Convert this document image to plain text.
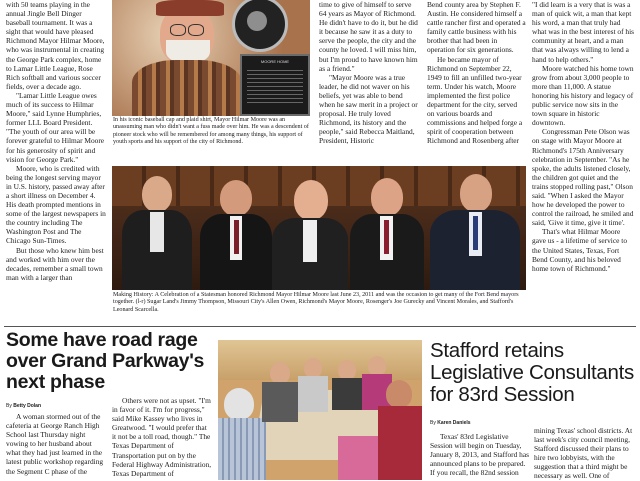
with 50 teams playing in the annual Jingle Bell Dinger baseball tournament. It was a sight that would have pleased Richmond Mayor Hilmar Moore, who was instrumental in creating the George Park complex, home to Lamar Little League, Rose Rich softball and various soccer fields, over a decade ago.

"Lamar Little League owes much of its success to Hilmar Moore," said Lynne Humphries, former LLL Board President. "The youth of our area will be forever grateful to Hilmar Moore for his generosity of spirit and vision for George Park."

Moore, who is credited with being the longest serving mayor in U.S. history, passed away after a short illness on December 4. His death prompted mentions in some of the largest newspapers in the country including The Washington Post and The Chicago Sun-Times.

But those who knew him best and worked with him over the decades, remember a small town man with a larger than

MOORE HOME

In his iconic baseball cap and plaid shirt, Mayor Hilmar Moore was an unassuming man who didn't want a fuss made over him. He was a descendent of pioneer stock who will be remembered for among many things, his support of youth sports and his support of the city of Richmond.

time to give of himself to serve 64 years as Mayor of Richmond. He didn't have to do it, but he did it because he saw it as a duty to serve the people, the city and the county he loved. I will miss him, but I'm proud to have known him as a friend."

"Mayor Moore was a true leader, he did not waver on his beliefs, yet was able to bend when he saw merit in a project or proposal. He truly loved Richmond, its history and the people," said Rebecca Maitland, President, Historic

Bend county area by Stephen F. Austin. He considered himself a cattle rancher first and operated a family cattle business with his brother that had been in operation for six generations.

He became mayor of Richmond on September 22, 1949 to fill an unfilled two-year term. Under his watch, Moore implemented the first police department for the city, served on various boards and commissions and helped forge a spirit of cooperation between Richmond and Rosenberg after

"I did learn is a very that is was a man of quick wit, a man that kept his word, a man that truly had what was in the best interest of his community at heart, and a man that was always willing to lend a hand to help others."

Moore watched his home town grow from about 3,000 people to more than 11,000. A statue honoring his history and legacy of public service now sits in the town square in historic downtown.

Congressman Pete Olson was on stage with Mayor Moore at Richmond's 175th Anniversary celebration in September. "As he spoke, the adults listened closely, the children got quiet and the trains stopped rolling past," Olson said. "When I asked the Mayor how he developed the power to control the railroad, he smiled and said, 'Give it time, give it time'.

That's what Hilmar Moore gave us - a lifetime of service to the United States, Texas, Fort Bend County, and his beloved home town of Richmond."

Making History: A Celebration of a Statesman honored Richmond Mayor Hilmar Moore last June 23, 2011 and was the occasion to get many of the Fort Bend mayors together. (l-r) Sugar Land's Jimmy Thompson, Missouri City's Allen Owen, Richmond's Mayor Moore, Rosenger's Joe Gurecky and Vincent Morales, and Stafford's Leonard Scarcella.

Some have road rage over Grand Parkway's next phase

By Betty Dolan

A woman stormed out of the cafeteria at George Ranch High School last Thursday night vowing to her husband about what they had just learned in the latest public workshop regarding the Segment C phase of the

Others were not as upset. "I'm in favor of it. I'm for progress," said Mike Kassey who lives in Greatwood. "I would prefer that it not be a toll road, though." The Texas Department of Transportation put on by the Federal Highway Administration, Texas Department of

Stafford retains Legislative Consultants for 83rd Session

By Karen Daniels

Texas' 83rd Legislative Session will begin on Tuesday, January 8, 2013, and Stafford has announced plans to be prepared. If you recall, the 82nd session

mining Texas' school districts. At last week's city council meeting, Stafford discussed their plans to hire two lobbyists, with the suggestion that a third might be necessary as well. One of
